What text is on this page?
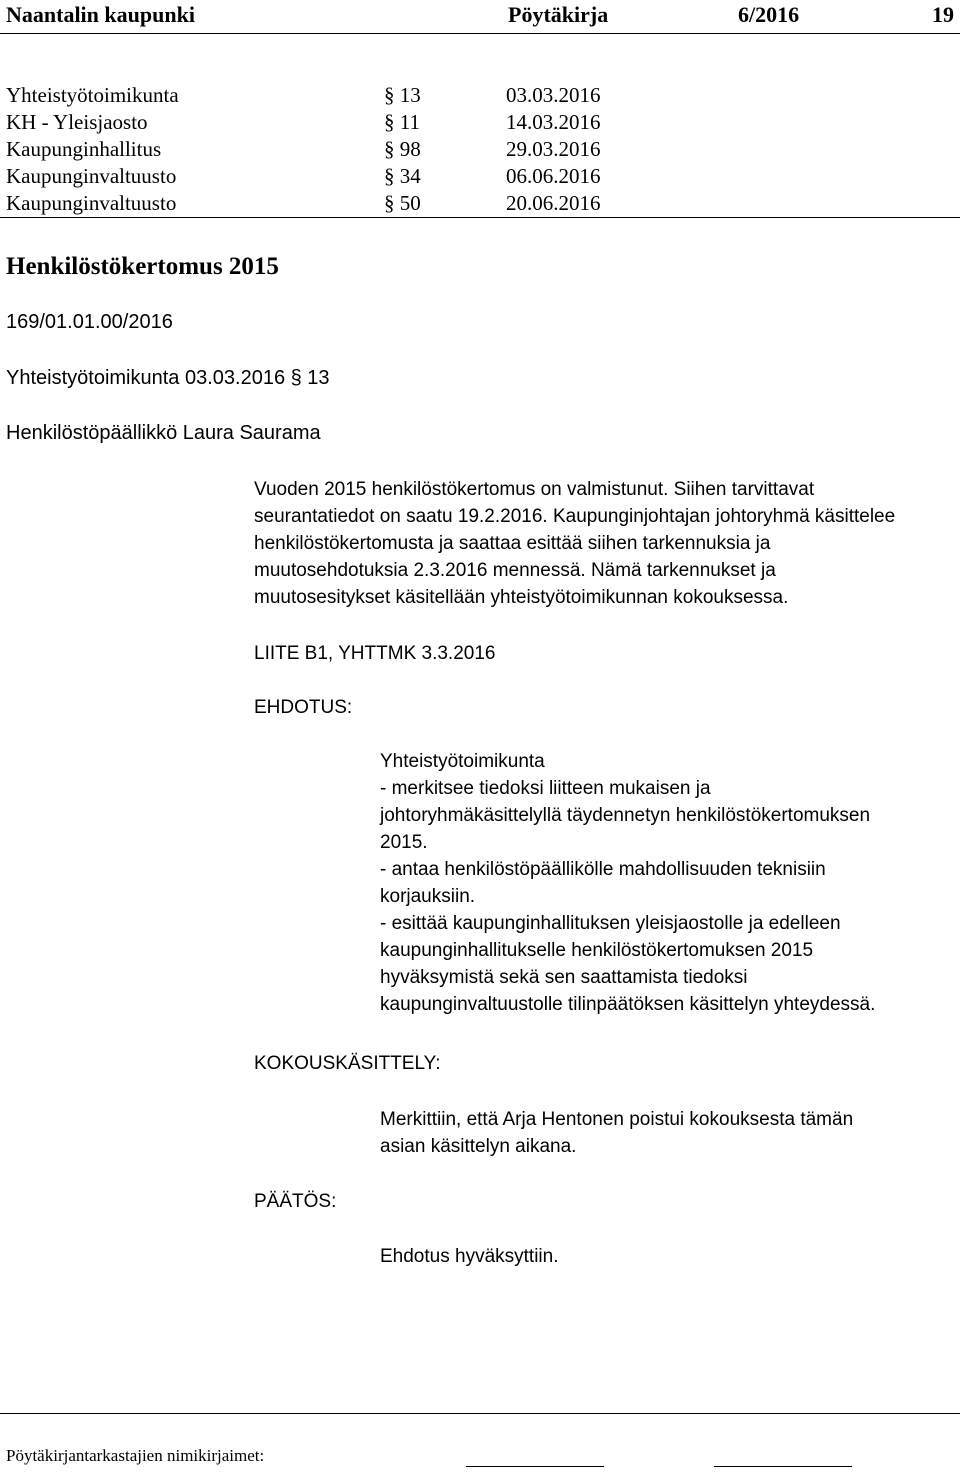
Naantalin kaupunki	Pöytäkirja	6/2016	19
Yhteistyötoimikunta	§ 13	03.03.2016
KH - Yleisjaosto	§ 11	14.03.2016
Kaupunginhallitus	§ 98	29.03.2016
Kaupunginvaltuusto	§ 34	06.06.2016
Kaupunginvaltuusto	§ 50	20.06.2016
Henkilöstökertomus 2015
169/01.01.00/2016
Yhteistyötoimikunta 03.03.2016 § 13
Henkilöstöpäällikkö Laura Saurama
Vuoden 2015 henkilöstökertomus on valmistunut. Siihen tarvittavat
seurantatiedot on saatu 19.2.2016. Kaupunginjohtajan johtoryhmä käsittelee
henkilöstökertomusta ja saattaa esittää siihen tarkennuksia ja
muutosehdotuksia 2.3.2016 mennessä. Nämä tarkennukset ja
muutosesitykset käsitellään yhteistyötoimikunnan kokouksessa.
LIITE B1, YHTTMK 3.3.2016
EHDOTUS:
Yhteistyötoimikunta
- merkitsee tiedoksi liitteen mukaisen ja
johtoryhmäkäsittelyllä täydennetyn henkilöstökertomuksen
2015.
- antaa henkilöstöpäällikölle mahdollisuuden teknisiin
korjauksiin.
- esittää kaupunginhallituksen yleisjaostolle ja edelleen
kaupunginhallitukselle henkilöstökertomuksen 2015
hyväksymistä sekä sen saattamista tiedoksi
kaupunginvaltuustolle tilinpäätöksen käsittelyn yhteydessä.
KOKOUSKÄSITTELY:
Merkittiin, että Arja Hentonen poistui kokouksesta tämän
asian käsittelyn aikana.
PÄÄTÖS:
Ehdotus hyväksyttiin.
Pöytäkirjantarkastajien nimikirjaimet:
